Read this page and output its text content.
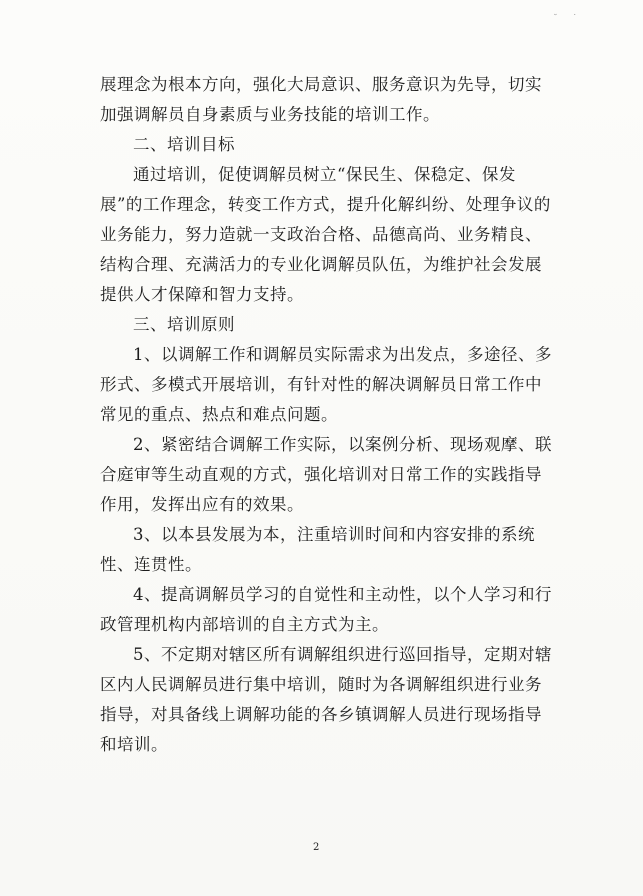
˘ ˙

展理念为根本方向，强化大局意识、服务意识为先导，切实加强调解员自身素质与业务技能的培训工作。

二、培训目标

通过培训，促使调解员树立“保民生、保稳定、保发展”的工作理念，转变工作方式，提升化解纠纷、处理争议的业务能力，努力造就一支政治合格、品德高尚、业务精良、结构合理、充满活力的专业化调解员队伍，为维护社会发展提供人才保障和智力支持。

三、培训原则

1、以调解工作和调解员实际需求为出发点，多途径、多形式、多模式开展培训，有针对性的解决调解员日常工作中常见的重点、热点和难点问题。

2、紧密结合调解工作实际，以案例分析、现场观摩、联合庭审等生动直观的方式，强化培训对日常工作的实践指导作用，发挥出应有的效果。

3、以本县发展为本，注重培训时间和内容安排的系统性、连贯性。

4、提高调解员学习的自觉性和主动性，以个人学习和行政管理机构内部培训的自主方式为主。

5、不定期对辖区所有调解组织进行巡回指导，定期对辖区内人民调解员进行集中培训，随时为各调解组织进行业务指导，对具备线上调解功能的各乡镇调解人员进行现场指导和培训。

2
